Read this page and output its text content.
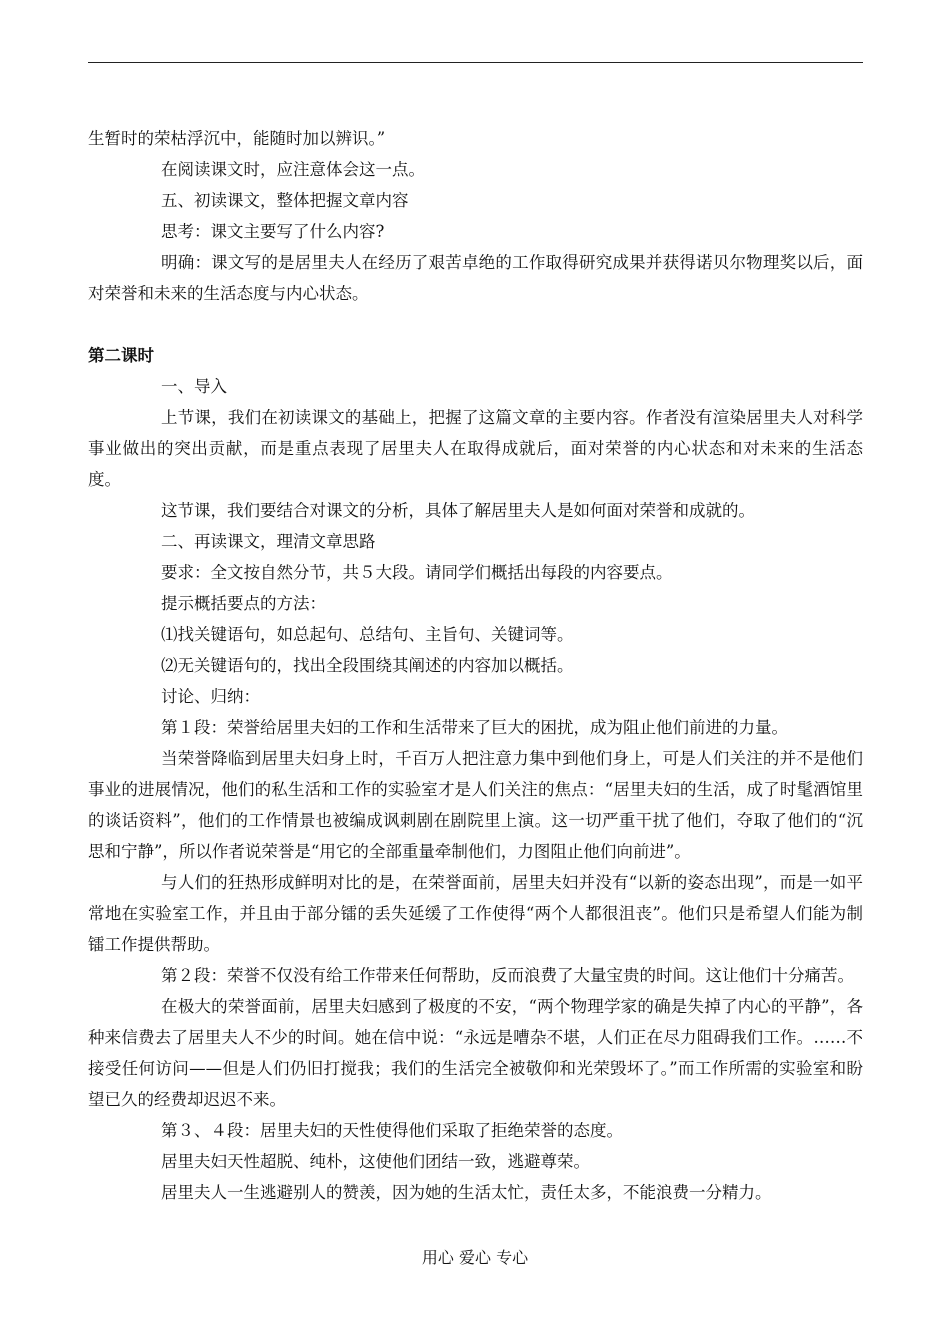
生暂时的荣枯浮沉中，能随时加以辨识。”

在阅读课文时，应注意体会这一点。

五、初读课文，整体把握文章内容

思考：课文主要写了什么内容?

明确：课文写的是居里夫人在经历了艰苦卓绝的工作取得研究成果并获得诺贝尔物理奖以后，面对荣誉和未来的生活态度与内心状态。

第二课时

一、导入

上节课，我们在初读课文的基础上，把握了这篇文章的主要内容。作者没有渲染居里夫人对科学事业做出的突出贡献，而是重点表现了居里夫人在取得成就后，面对荣誉的内心状态和对未来的生活态度。

这节课，我们要结合对课文的分析，具体了解居里夫人是如何面对荣誉和成就的。

二、再读课文，理清文章思路

要求：全文按自然分节，共５大段。请同学们概括出每段的内容要点。

提示概括要点的方法：

⑴找关键语句，如总起句、总结句、主旨句、关键词等。

⑵无关键语句的，找出全段围绕其阐述的内容加以概括。

讨论、归纳：

第１段：荣誉给居里夫妇的工作和生活带来了巨大的困扰，成为阻止他们前进的力量。

当荣誉降临到居里夫妇身上时，千百万人把注意力集中到他们身上，可是人们关注的并不是他们事业的进展情况，他们的私生活和工作的实验室才是人们关注的焦点：“居里夫妇的生活，成了时髦酒馆里的谈话资料”，他们的工作情景也被编成讽刺剧在剧院里上演。这一切严重干扰了他们，夺取了他们的“沉思和宁静”，所以作者说荣誉是“用它的全部重量牵制他们，力图阻止他们向前进”。

与人们的狂热形成鲜明对比的是，在荣誉面前，居里夫妇并没有“以新的姿态出现”，而是一如平常地在实验室工作，并且由于部分镭的丢失延缓了工作使得“两个人都很沮丧”。他们只是希望人们能为制镭工作提供帮助。

第２段：荣誉不仅没有给工作带来任何帮助，反而浪费了大量宝贵的时间。这让他们十分痛苦。

在极大的荣誉面前，居里夫妇感到了极度的不安，“两个物理学家的确是失掉了内心的平静”，各种来信费去了居里夫人不少的时间。她在信中说：“永远是嘈杂不堪，人们正在尽力阻碍我们工作。……不接受任何访问——但是人们仍旧打搅我；我们的生活完全被敬仰和光荣毁坏了。”而工作所需的实验室和盼望已久的经费却迟迟不来。

第３、４段：居里夫妇的天性使得他们采取了拒绝荣誉的态度。

居里夫妇天性超脱、纯朴，这使他们团结一致，逃避尊荣。

居里夫人一生逃避别人的赞羡，因为她的生活太忙，责任太多，不能浪费一分精力。

用心 爱心 专心
